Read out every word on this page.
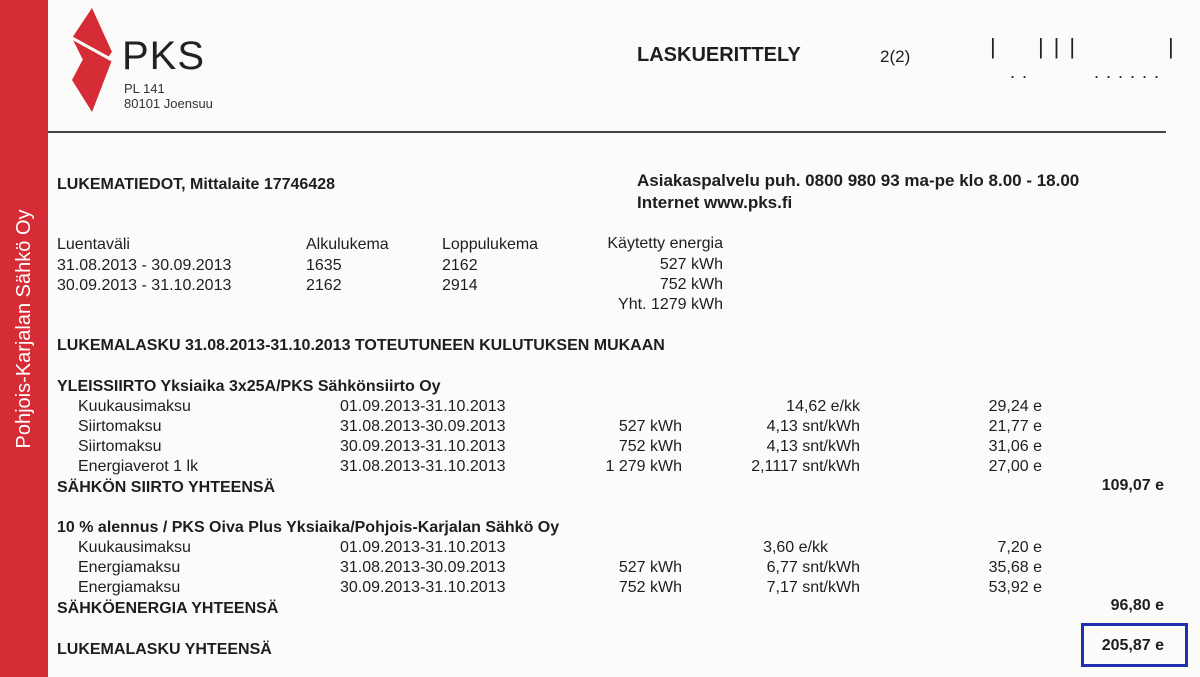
Pohjois-Karjalan Sähkö Oy
PKS
PL 141
80101 Joensuu
LASKUERITTELY	2(2)	|  |||	|
..     ......
LUKEMATIEDOT, Mittalaite 17746428	Asiakaspalvelu puh. 0800 980 93 ma-pe klo 8.00 - 18.00
Internet www.pks.fi
Luentaväli	Alkulukema	Loppulukema	Käytetty energia
31.08.2013 - 30.09.2013	1635	2162	527 kWh
30.09.2013 - 31.10.2013	2162	2914	752 kWh
Yht. 1279 kWh
LUKEMALASKU 31.08.2013-31.10.2013 TOTEUTUNEEN KULUTUKSEN MUKAAN
YLEISSIIRTO Yksiaika 3x25A/PKS Sähkönsiirto Oy
Kuukausimaksu	01.09.2013-31.10.2013	14,62 e/kk	29,24 e
Siirtomaksu	31.08.2013-30.09.2013	527 kWh	4,13 snt/kWh	21,77 e
Siirtomaksu	30.09.2013-31.10.2013	752 kWh	4,13 snt/kWh	31,06 e
Energiaverot 1 lk	31.08.2013-31.10.2013	1 279 kWh	2,1117 snt/kWh	27,00 e
SÄHKÖN SIIRTO YHTEENSÄ	109,07 e
10 % alennus / PKS Oiva Plus Yksiaika/Pohjois-Karjalan Sähkö Oy
Kuukausimaksu	01.09.2013-31.10.2013	3,60 e/kk	7,20 e
Energiamaksu	31.08.2013-30.09.2013	527 kWh	6,77 snt/kWh	35,68 e
Energiamaksu	30.09.2013-31.10.2013	752 kWh	7,17 snt/kWh	53,92 e
SÄHKÖENERGIA YHTEENSÄ	96,80 e
LUKEMALASKU YHTEENSÄ	205,87 e
